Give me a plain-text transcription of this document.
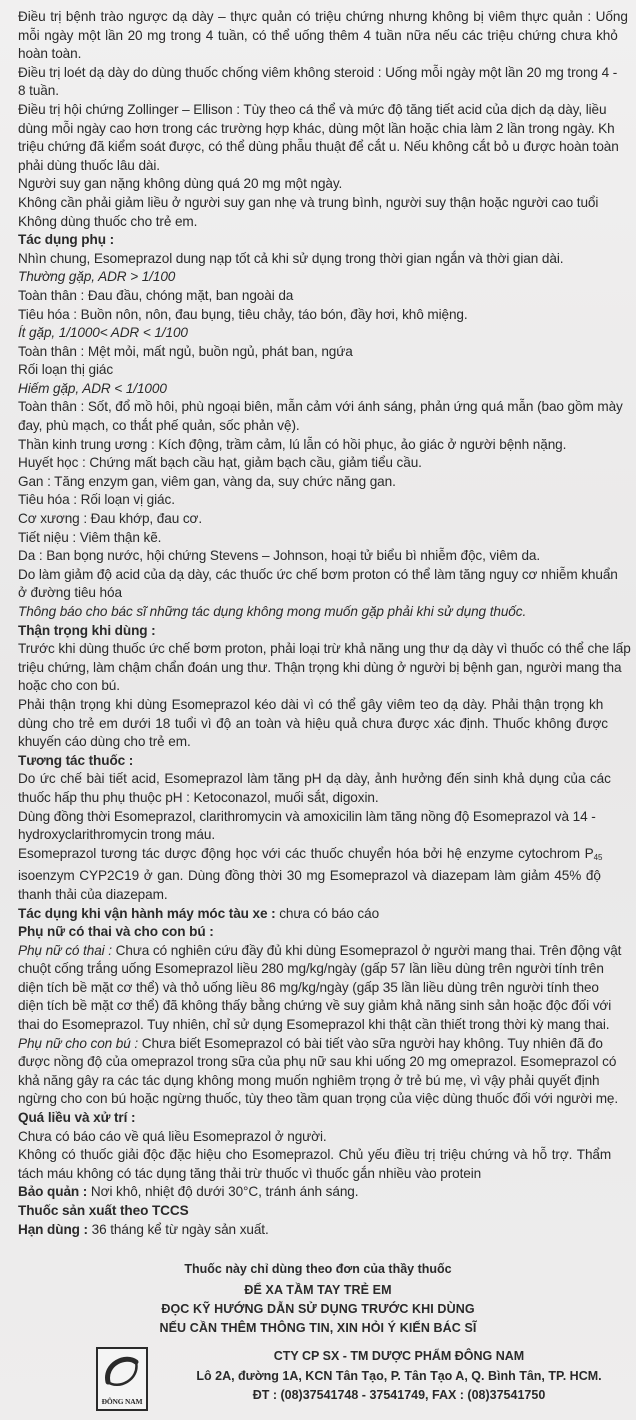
Điều trị bệnh trào ngược dạ dày – thực quản có triệu chứng nhưng không bị viêm thực quản : Uống
mỗi ngày một lần 20 mg trong 4 tuần, có thể uống thêm 4 tuần nữa nếu các triệu chứng chưa khỏ
hoàn toàn.
Điều trị loét dạ dày do dùng thuốc chống viêm không steroid : Uống mỗi ngày một lần 20 mg trong 4 -
8 tuần.
Điều trị hội chứng Zollinger – Ellison : Tùy theo cá thể và mức độ tăng tiết acid của dịch dạ dày, liều
dùng mỗi ngày cao hơn trong các trường hợp khác, dùng một lần hoặc chia làm 2 lần trong ngày. Kh
triệu chứng đã kiểm soát được, có thể dùng phẫu thuật để cắt u. Nếu không cắt bỏ u được hoàn toàn
phải dùng thuốc lâu dài.
Người suy gan nặng không dùng quá 20 mg một ngày.
Không cần phải giảm liều ở người suy gan nhẹ và trung bình, người suy thận hoặc người cao tuổi
Không dùng thuốc cho trẻ em.
Tác dụng phụ :
Nhìn chung, Esomeprazol dung nạp tốt cả khi sử dụng trong thời gian ngắn và thời gian dài.
Thường gặp, ADR > 1/100
Toàn thân : Đau đầu, chóng mặt, ban ngoài da
Tiêu hóa : Buồn nôn, nôn, đau bụng, tiêu chảy, táo bón, đầy hơi, khô miệng.
Ít gặp, 1/1000< ADR < 1/100
Toàn thân : Mệt mỏi, mất ngủ, buồn ngủ, phát ban, ngứa
Rối loạn thị giác
Hiếm gặp, ADR < 1/1000
Toàn thân : Sốt, đổ mồ hôi, phù ngoại biên, mẫn cảm với ánh sáng, phản ứng quá mẫn (bao gồm mày
đay, phù mạch, co thắt phế quản, sốc phản vệ).
Thần kinh trung ương : Kích động, trầm cảm, lú lẫn có hồi phục, ảo giác ở người bệnh nặng.
Huyết học : Chứng mất bạch cầu hạt, giảm bạch cầu, giảm tiểu cầu.
Gan : Tăng enzym gan, viêm gan, vàng da, suy chức năng gan.
Tiêu hóa : Rối loạn vị giác.
Cơ xương : Đau khớp, đau cơ.
Tiết niệu : Viêm thận kẽ.
Da : Ban bọng nước, hội chứng Stevens – Johnson, hoại tử biểu bì nhiễm độc, viêm da.
Do làm giảm độ acid của dạ dày, các thuốc ức chế bơm proton có thể làm tăng nguy cơ nhiễm khuẩn
ở đường tiêu hóa
Thông báo cho bác sĩ những tác dụng không mong muốn gặp phải khi sử dụng thuốc.
Thận trọng khi dùng :
Trước khi dùng thuốc ức chế bơm proton, phải loại trừ khả năng ung thư dạ dày vì thuốc có thể che lấp
triệu chứng, làm chậm chẩn đoán ung thư. Thận trọng khi dùng ở người bị bệnh gan, người mang tha
hoặc cho con bú.
Phải thận trọng khi dùng Esomeprazol kéo dài vì có thể gây viêm teo dạ dày. Phải thận trọng kh
dùng cho trẻ em dưới 18 tuổi vì độ an toàn và hiệu quả chưa được xác định. Thuốc không được
khuyến cáo dùng cho trẻ em.
Tương tác thuốc :
Do ức chế bài tiết acid, Esomeprazol làm tăng pH dạ dày, ảnh hưởng đến sinh khả dụng của các
thuốc hấp thu phụ thuộc pH : Ketoconazol, muối sắt, digoxin.
Dùng đồng thời Esomeprazol, clarithromycin và amoxicilin làm tăng nồng độ Esomeprazol và 14 -
hydroxyclarithromycin trong máu.
Esomeprazol tương tác dược động học với các thuốc chuyển hóa bởi hệ enzyme cytochrom $P_{45}$
isoenzym CYP2C19 ở gan. Dùng đồng thời 30 mg Esomeprazol và diazepam làm giảm 45% độ
thanh thải của diazepam.
Tác dụng khi vận hành máy móc tàu xe : chưa có báo cáo
Phụ nữ có thai và cho con bú :
Phụ nữ có thai : Chưa có nghiên cứu đầy đủ khi dùng Esomeprazol ở người mang thai. Trên động vật
chuột cống trắng uống Esomeprazol liều 280 mg/kg/ngày (gấp 57 lần liều dùng trên người tính trên
diện tích bề mặt cơ thể) và thỏ uống liều 86 mg/kg/ngày (gấp 35 lần liều dùng trên người tính theo
diện tích bề mặt cơ thể) đã không thấy bằng chứng về suy giảm khả năng sinh sản hoặc độc đối với
thai do Esomeprazol. Tuy nhiên, chỉ sử dụng Esomeprazol khi thật cần thiết trong thời kỳ mang thai.
Phụ nữ cho con bú : Chưa biết Esomeprazol có bài tiết vào sữa người hay không. Tuy nhiên đã đo
được nồng độ của omeprazol trong sữa của phụ nữ sau khi uống 20 mg omeprazol. Esomeprazol có
khả năng gây ra các tác dụng không mong muốn nghiêm trọng ở trẻ bú mẹ, vì vậy phải quyết định
ngừng cho con bú hoặc ngừng thuốc, tùy theo tầm quan trọng của việc dùng thuốc đối với người mẹ.
Quá liều và xử trí :
Chưa có báo cáo về quá liều Esomeprazol ở người.
Không có thuốc giải độc đặc hiệu cho Esomeprazol. Chủ yếu điều trị triệu chứng và hỗ trợ. Thẩm
tách máu không có tác dụng tăng thải trừ thuốc vì thuốc gắn nhiều vào protein
Bảo quản : Nơi khô, nhiệt độ dưới 30°C, tránh ánh sáng.
Thuốc sản xuất theo TCCS
Hạn dùng : 36 tháng kể từ ngày sản xuất.
Thuốc này chỉ dùng theo đơn của thầy thuốc
ĐỂ XA TẦM TAY TRẺ EM
ĐỌC KỸ HƯỚNG DẪN SỬ DỤNG TRƯỚC KHI DÙNG
NẾU CẦN THÊM THÔNG TIN, XIN HỎI Ý KIẾN BÁC SĨ
ĐÔNG NAM
CTY CP SX - TM DƯỢC PHẨM ĐÔNG NAM
Lô 2A, đường 1A, KCN Tân Tạo, P. Tân Tạo A, Q. Bình Tân, TP. HCM.
ĐT : (08)37541748 - 37541749, FAX : (08)37541750
